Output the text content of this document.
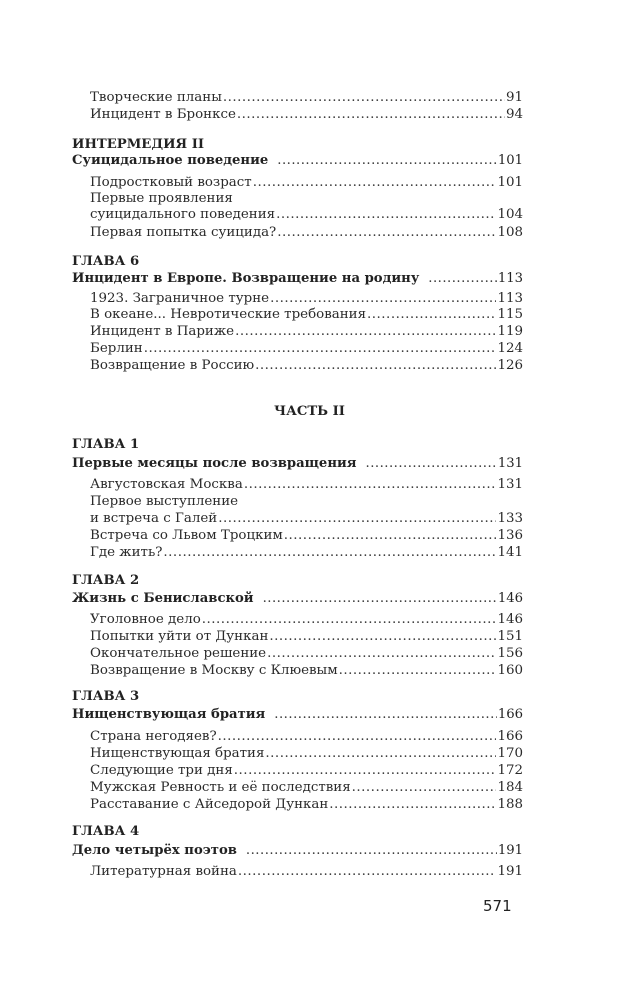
Творческие планы .....	91
Инцидент в Бронксе .....	94
ИНТЕРМЕДИЯ II
Суицидальное поведение .....	101
Подростковый возраст .....	101
Первые проявления
суицидального поведения .....	104
Первая попытка суицида? .....	108
ГЛАВА 6
Инцидент в Европе. Возвращение на родину .....	113
1923. Заграничное турне .....	113
В океане... Невротические требования .....	115
Инцидент в Париже .....	119
Берлин .....	124
Возвращение в Россию .....	126
ГЛАВА 1
Первые месяцы после возвращения .....	131
Августовская Москва .....	131
Первое выступление
и встреча с Галей .....	133
Встреча со Львом Троцким .....	136
Где жить? .....	141
ГЛАВА 2
Жизнь с Бениславской .....	146
Уголовное дело .....	146
Попытки уйти от Дункан .....	151
Окончательное решение .....	156
Возвращение в Москву с Клюевым .....	160
ГЛАВА 3
Нищенствующая братия .....	166
Страна негодяев? .....	166
Нищенствующая братия .....	170
Следующие три дня .....	172
Мужская Ревность и её последствия .....	184
Расставание с Айседорой Дункан .....	188
ГЛАВА 4
Дело четырёх поэтов .....	191
Литературная война .....	191
ЧАСТЬ II
571
